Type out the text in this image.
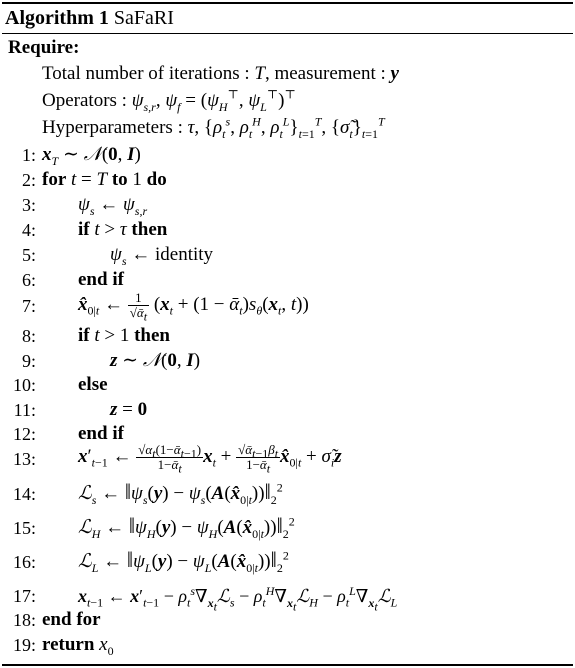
Algorithm 1 SaFaRI
Require:
Total number of iterations : T, measurement : y
Operators : $\psi_{s,r}$, $\psi_f = (\psi_H^⊤$, $\psi_L^⊤)^⊤$
Hyperparameters : τ, {$\rho_t^s$, $\rho_t^H$, $\rho_t^L\}_{t=1}^T$, $\{\sigmã_t\}_{t=1}^T$
1: $x_T$ ∼ 𝒩(0, I)
2: for t = T to 1 do
3: $\psi_s$ ← $\psi_{s,r}$
4: if t > τ then
5:	$\psi_s$ ← identity
6: end if
7: $x̂_{0|t}$ ← $\frac{1}{√ᾱ_t} (x_t + (1$ − $ᾱ_t)s_\theta(x_t$, t))
8: if t > 1 then
9:	z ∼ 𝒩(0, I)
10: else
11:	z = 0
12: end if
13: $x'_{t-1}$ ← $\frac{√\alpha_t(1-ᾱ_{t-1})}{1-ᾱ_t} x_t + \frac{√ᾱ_{t-1}\beta_t}{1-ᾱ_t}$ $x̂_{0|t}$ + $\sigmã_iz$
14: ℒ$_s$ ← $‖\psi_s(y)$ − $\psi_s(A(x̂_{0|t}))‖_2^2$
15: ℒ$_H$ ← $‖\psi_H(y)$ − $\psi_H(A(x̂_{0|t}))‖_2^2$
16: ℒ$_L$ ← $‖\psi_L(y)$ − $\psi_L(A(x̂_{0|t}))‖_2^2$
17: $x_{t-1}$ ← $x'_{t-1}$ − $\rho_t^s\nabla_{x_t}ℒ_s$ − $\rho_t^H\nabla_{x_t}ℒ_H$ − $\rho_t^L\nabla_{x_t}ℒ_L$
18: end for
19: return $x_0$
